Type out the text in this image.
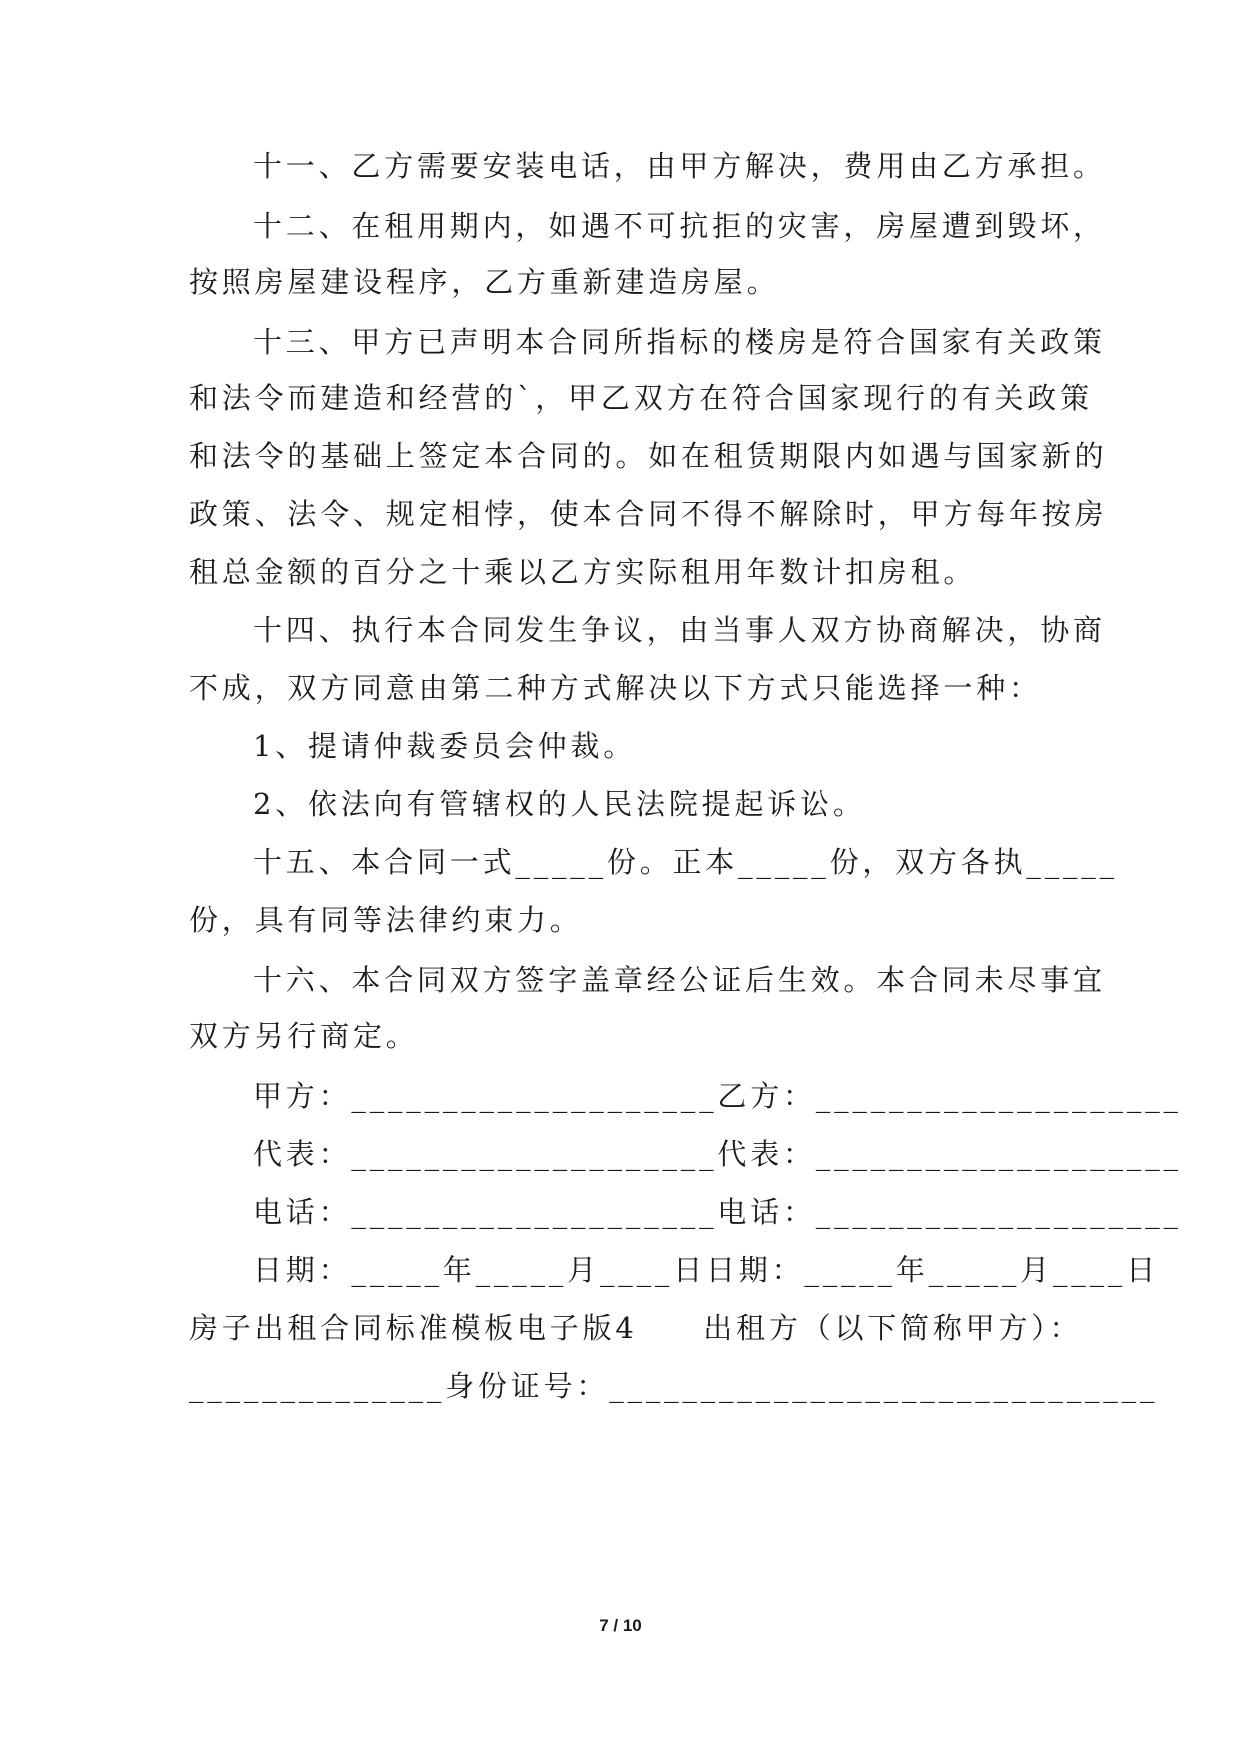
十一、乙方需要安装电话，由甲方解决，费用由乙方承担。
十二、在租用期内，如遇不可抗拒的灾害，房屋遭到毁坏，
按照房屋建设程序，乙方重新建造房屋。
十三、甲方已声明本合同所指标的楼房是符合国家有关政策
和法令而建造和经营的`，甲乙双方在符合国家现行的有关政策
和法令的基础上签定本合同的。如在租赁期限内如遇与国家新的
政策、法令、规定相悖，使本合同不得不解除时，甲方每年按房
租总金额的百分之十乘以乙方实际租用年数计扣房租。
十四、执行本合同发生争议，由当事人双方协商解决，协商
不成，双方同意由第二种方式解决以下方式只能选择一种：
1、提请仲裁委员会仲裁。
2、依法向有管辖权的人民法院提起诉讼。
十五、本合同一式_____份。正本_____份，双方各执_____
份，具有同等法律约束力。
十六、本合同双方签字盖章经公证后生效。本合同未尽事宜
双方另行商定。
甲方：____________________乙方：____________________
代表：____________________代表：____________________
电话：____________________电话：____________________
日期：_____年_____月____日日期：_____年_____月____日
房子出租合同标准模板电子版4　　出租方（以下简称甲方）：
______________身份证号：______________________________
7 / 10
